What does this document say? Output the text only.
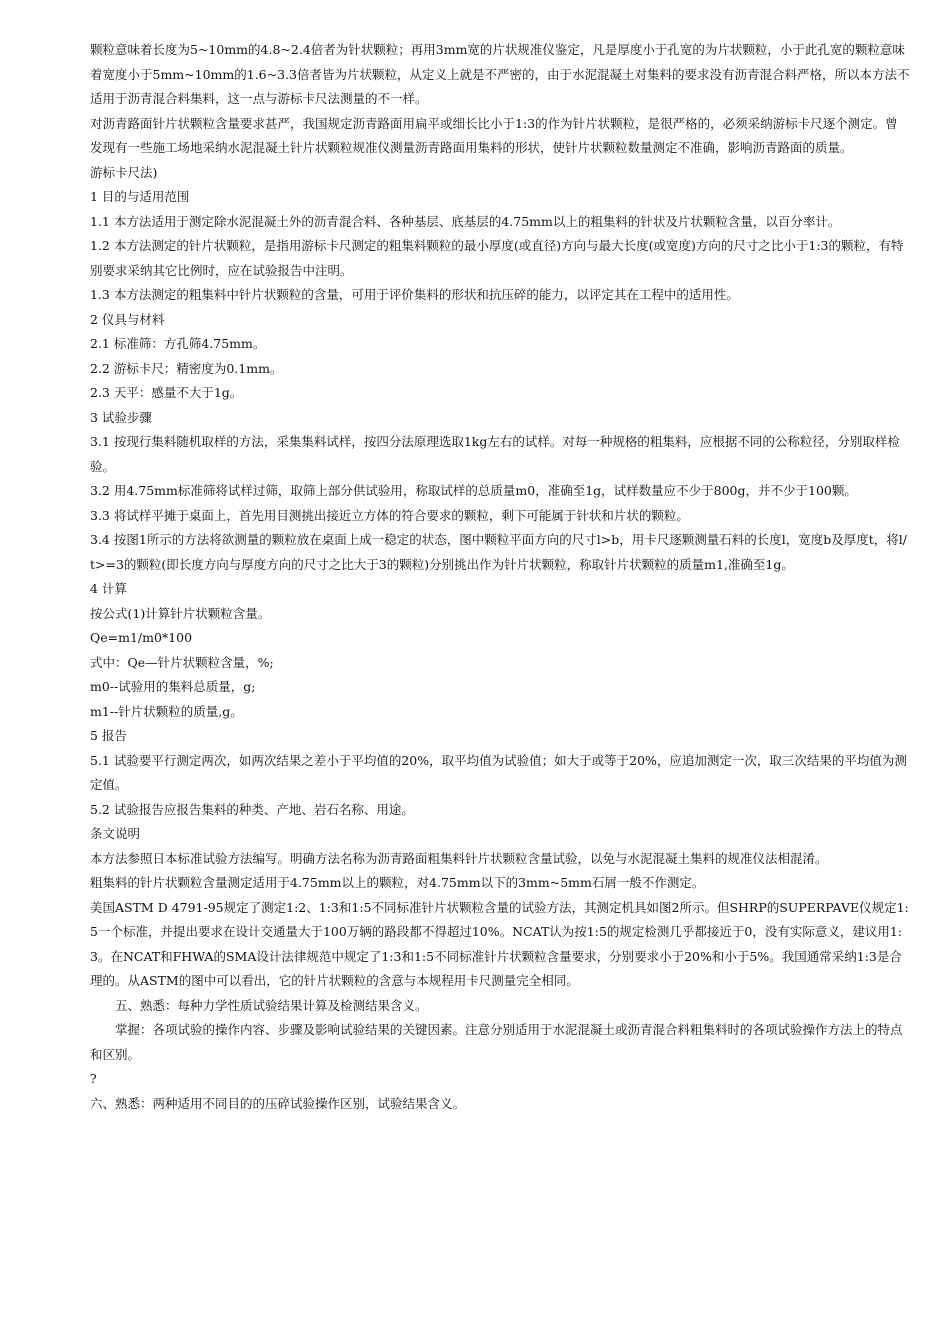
颗粒意味着长度为5~10mm的4.8~2.4倍者为针状颗粒；再用3mm宽的片状规准仪鉴定，凡是厚度小于孔宽的为片状颗粒，小于此孔宽的颗粒意味着宽度小于5mm~10mm的1.6~3.3倍者皆为片状颗粒，从定义上就是不严密的，由于水泥混凝土对集料的要求没有沥青混合料严格，所以本方法不适用于沥青混合料集料，这一点与游标卡尺法测量的不一样。

对沥青路面针片状颗粒含量要求甚严，我国规定沥青路面用扁平或细长比小于1:3的作为针片状颗粒，是很严格的，必须采纳游标卡尺逐个测定。曾发现有一些施工场地采纳水泥混凝土针片状颗粒规准仪测量沥青路面用集料的形状，使针片状颗粒数量测定不准确，影响沥青路面的质量。

游标卡尺法)

1 目的与适用范围

1.1 本方法适用于测定除水泥混凝土外的沥青混合料、各种基层、底基层的4.75mm以上的粗集料的针状及片状颗粒含量，以百分率计。

1.2 本方法测定的针片状颗粒，是指用游标卡尺测定的粗集料颗粒的最小厚度(或直径)方向与最大长度(或宽度)方向的尺寸之比小于1:3的颗粒，有特别要求采纳其它比例时，应在试验报告中注明。

1.3 本方法测定的粗集料中针片状颗粒的含量，可用于评价集料的形状和抗压碎的能力，以评定其在工程中的适用性。

2 仪具与材料

2.1 标准筛：方孔筛4.75mm。

2.2 游标卡尺：精密度为0.1mm。

2.3 天平：感量不大于1g。

3 试验步骤

3.1 按现行集料随机取样的方法，采集集料试样，按四分法原理选取1kg左右的试样。对每一种规格的粗集料，应根据不同的公称粒径，分别取样检验。

3.2 用4.75mm标准筛将试样过筛，取筛上部分供试验用，称取试样的总质量m0，准确至1g，试样数量应不少于800g，并不少于100颗。

3.3 将试样平摊于桌面上，首先用目测挑出接近立方体的符合要求的颗粒，剩下可能属于针状和片状的颗粒。

3.4 按图1所示的方法将欲测量的颗粒放在桌面上成一稳定的状态，图中颗粒平面方向的尺寸l>b，用卡尺逐颗测量石料的长度l，宽度b及厚度t，将l/t>=3的颗粒(即长度方向与厚度方向的尺寸之比大于3的颗粒)分别挑出作为针片状颗粒，称取针片状颗粒的质量m1,准确至1g。

4 计算

按公式(1)计算针片状颗粒含量。

Qe=m1/m0*100

式中：Qe—针片状颗粒含量，%;

m0--试验用的集料总质量，g;

m1--针片状颗粒的质量,g。

5 报告

5.1 试验要平行测定两次，如两次结果之差小于平均值的20%，取平均值为试验值；如大于或等于20%，应追加测定一次，取三次结果的平均值为测定值。

5.2 试验报告应报告集料的种类、产地、岩石名称、用途。

条文说明

本方法参照日本标准试验方法编写。明确方法名称为沥青路面粗集料针片状颗粒含量试验，以免与水泥混凝土集料的规准仪法相混淆。

粗集料的针片状颗粒含量测定适用于4.75mm以上的颗粒，对4.75mm以下的3mm~5mm石屑一般不作测定。

美国ASTM D 4791-95规定了测定1:2、1:3和1:5不同标准针片状颗粒含量的试验方法，其测定机具如图2所示。但SHRP的SUPERPAVE仪规定1:5一个标准，并提出要求在设计交通量大于100万辆的路段都不得超过10%。NCAT认为按1:5的规定检测几乎都接近于0，没有实际意义，建议用1:3。在NCAT和FHWA的SMA设计法律规范中规定了1:3和1:5不同标准针片状颗粒含量要求，分别要求小于20%和小于5%。我国通常采纳1:3是合理的。从ASTM的图中可以看出，它的针片状颗粒的含意与本规程用卡尺测量完全相同。

五、熟悉：每种力学性质试验结果计算及检测结果含义。

掌握：各项试验的操作内容、步骤及影响试验结果的关键因素。注意分别适用于水泥混凝土或沥青混合料粗集料时的各项试验操作方法上的特点和区别。

?

六、熟悉：两种适用不同目的的压碎试验操作区别，试验结果含义。
